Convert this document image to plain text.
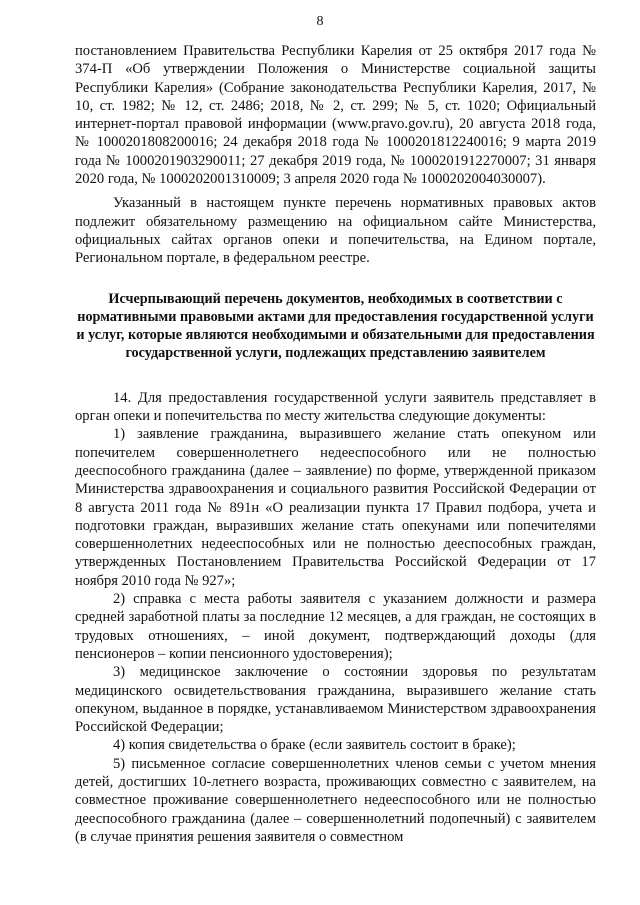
8

постановлением Правительства Республики Карелия от 25 октября 2017 года № 374-П «Об утверждении Положения о Министерстве социальной защиты Республики Карелия» (Собрание законодательства Республики Карелия, 2017, № 10, ст. 1982; № 12, ст. 2486; 2018, № 2, ст. 299; № 5, ст. 1020; Официальный интернет-портал правовой информации (www.pravo.gov.ru), 20 августа 2018 года, № 1000201808200016; 24 декабря 2018 года № 1000201812240016; 9 марта 2019 года № 1000201903290011; 27 декабря 2019 года, № 1000201912270007; 31 января 2020 года, № 1000202001310009; 3 апреля 2020 года № 1000202004030007).

Указанный в настоящем пункте перечень нормативных правовых актов подлежит обязательному размещению на официальном сайте Министерства, официальных сайтах органов опеки и попечительства, на Едином портале, Региональном портале, в федеральном реестре.

Исчерпывающий перечень документов, необходимых в соответствии с нормативными правовыми актами для предоставления государственной услуги и услуг, которые являются необходимыми и обязательными для предоставления государственной услуги, подлежащих представлению заявителем

14. Для предоставления государственной услуги заявитель представляет в орган опеки и попечительства по месту жительства следующие документы:

1) заявление гражданина, выразившего желание стать опекуном или попечителем совершеннолетнего недееспособного или не полностью дееспособного гражданина (далее – заявление) по форме, утвержденной приказом Министерства здравоохранения и социального развития Российской Федерации от 8 августа 2011 года № 891н «О реализации пункта 17 Правил подбора, учета и подготовки граждан, выразивших желание стать опекунами или попечителями совершеннолетних недееспособных или не полностью дееспособных граждан, утвержденных Постановлением Правительства Российской Федерации от 17 ноября 2010 года № 927»;

2) справка с места работы заявителя с указанием должности и размера средней заработной платы за последние 12 месяцев, а для граждан, не состоящих в трудовых отношениях, – иной документ, подтверждающий доходы (для пенсионеров – копии пенсионного удостоверения);

3) медицинское заключение о состоянии здоровья по результатам медицинского освидетельствования гражданина, выразившего желание стать опекуном, выданное в порядке, устанавливаемом Министерством здравоохранения Российской Федерации;

4) копия свидетельства о браке (если заявитель состоит в браке);

5) письменное согласие совершеннолетних членов семьи с учетом мнения детей, достигших 10-летнего возраста, проживающих совместно с заявителем, на совместное проживание совершеннолетнего недееспособного или не полностью дееспособного гражданина (далее – совершеннолетний подопечный) с заявителем (в случае принятия решения заявителя о совместном
